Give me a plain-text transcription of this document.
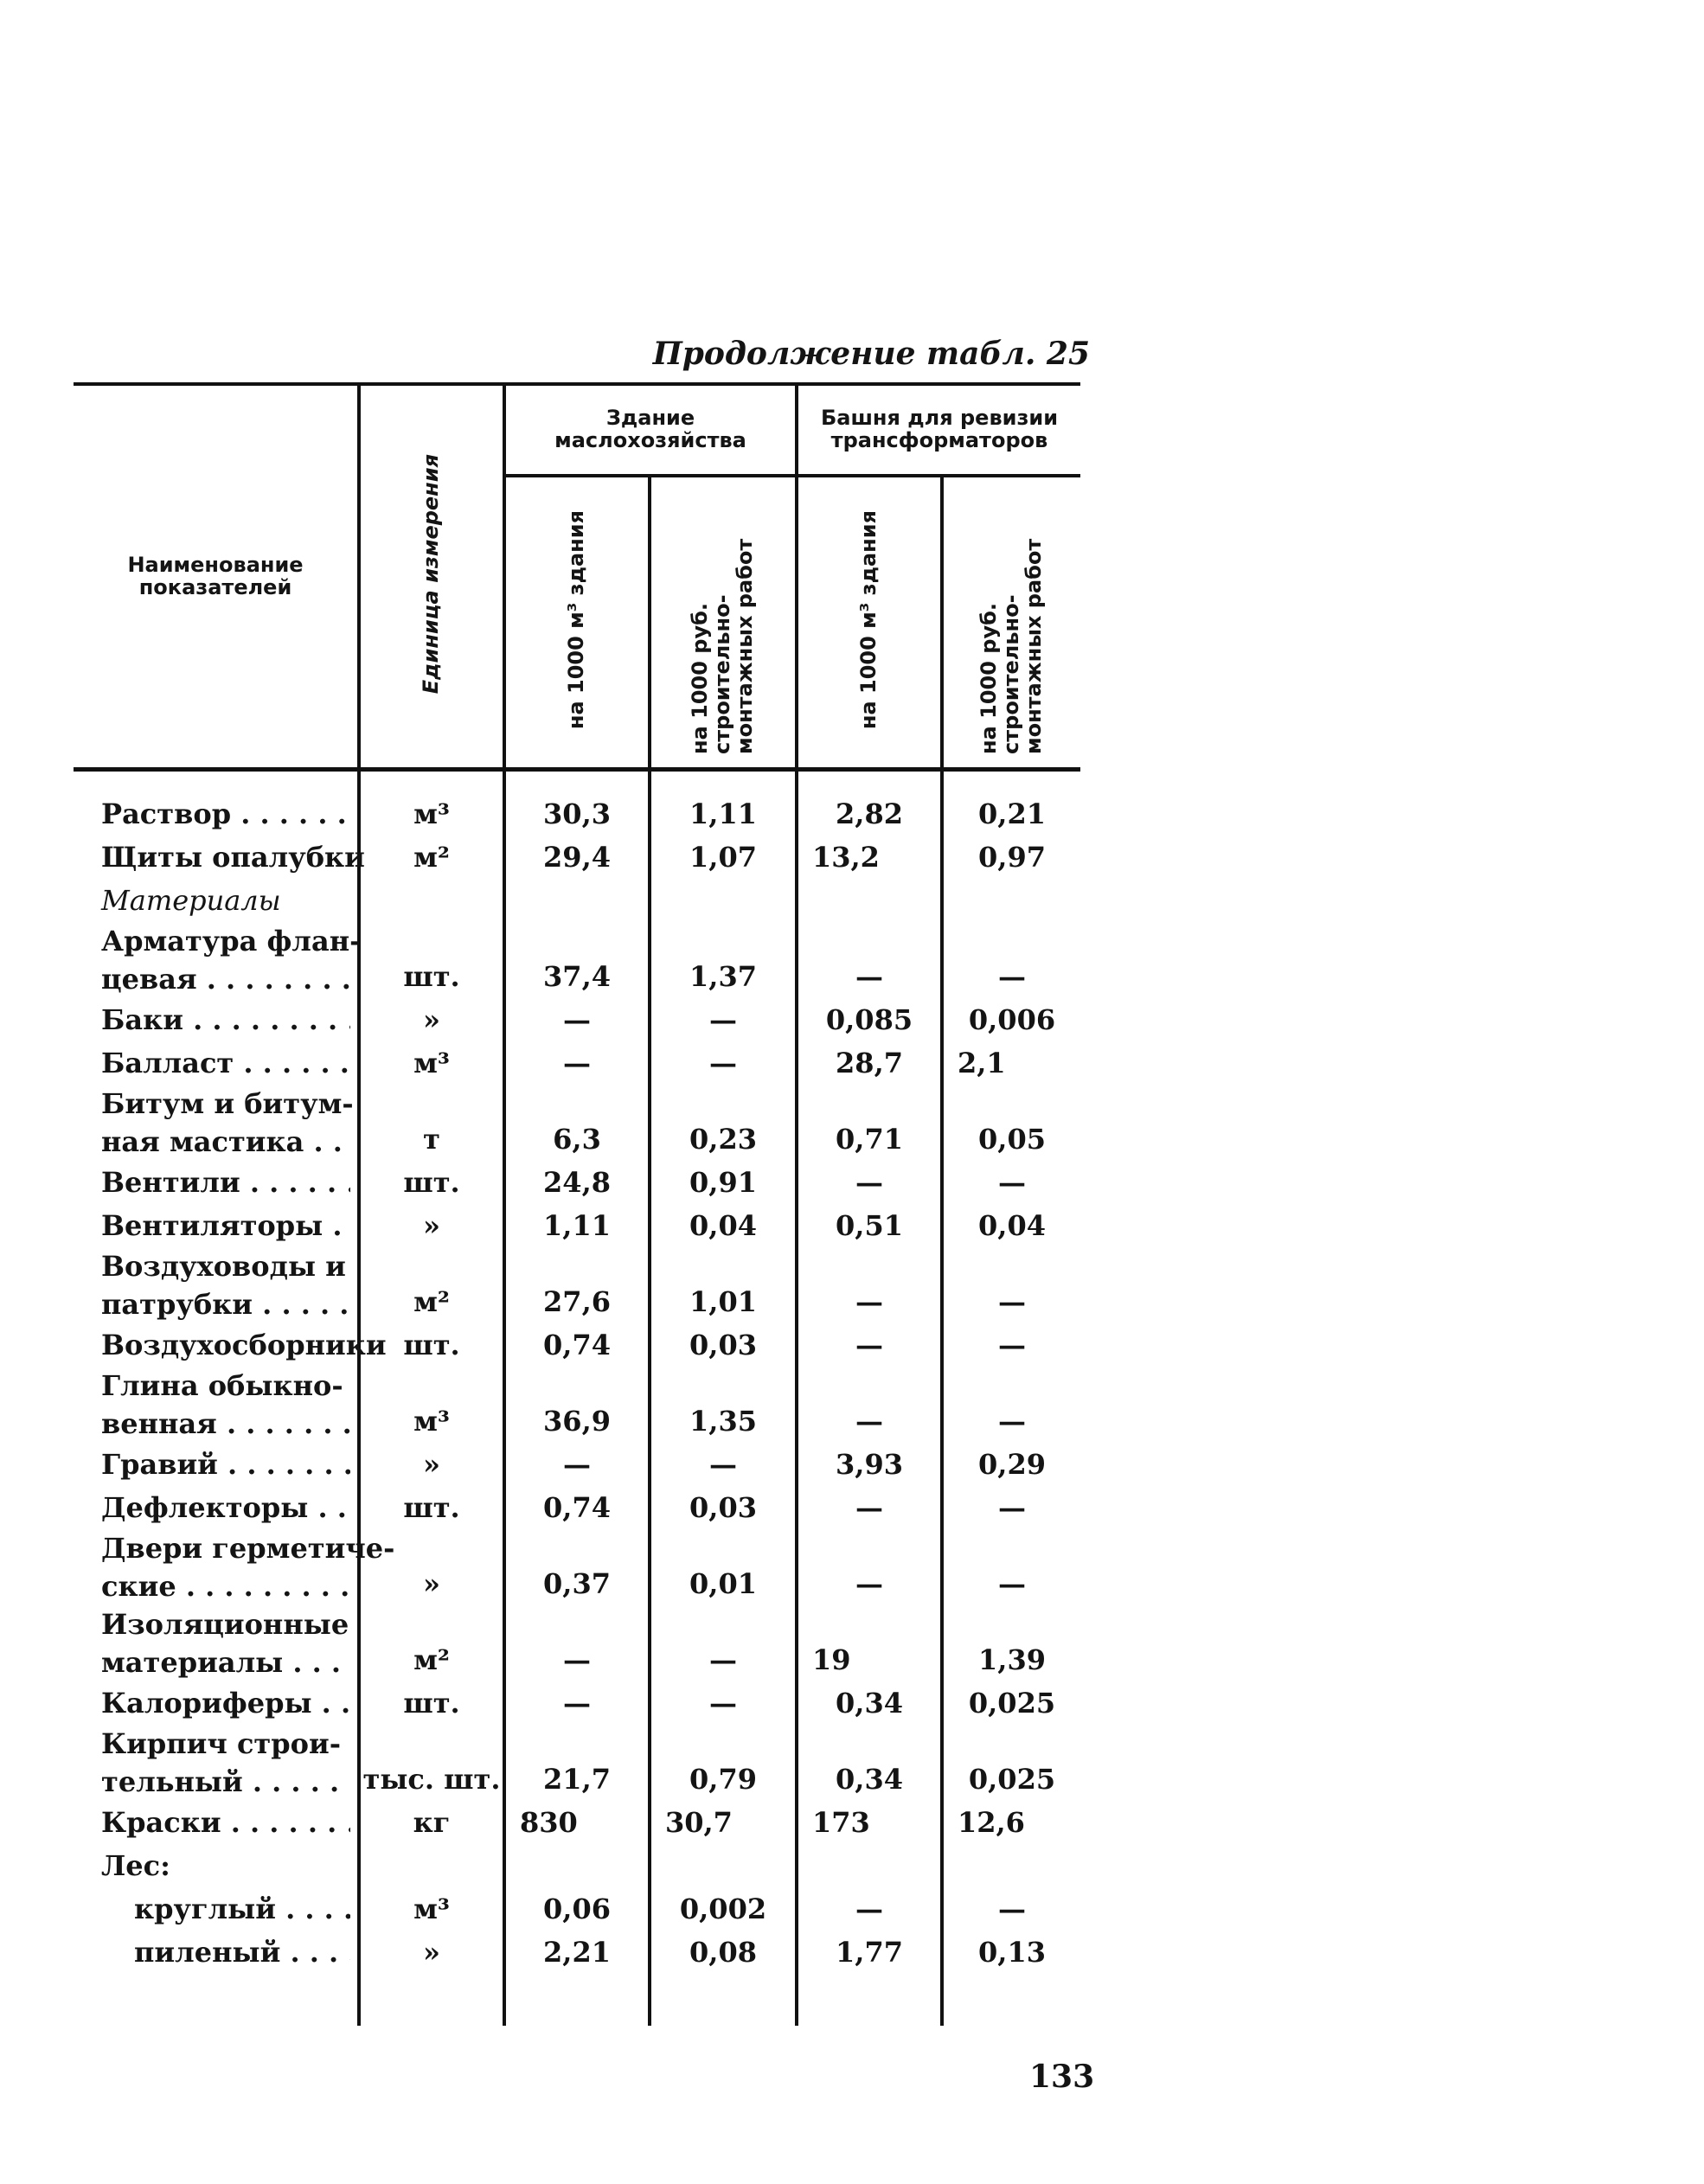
Продолжение табл. 25
Наименование показателей	Единица измерения	Здание маслохозяйства		Башня для ревизии трансформаторов	
		на 1000 м³ здания	на 1000 руб. строительно-монтажных работ	на 1000 м³ здания	на 1000 руб. строительно-монтажных работ

Раствор . .	м³	30,3	1,11	2,82	0,21
Щиты опалубки	м²	29,4	1,07	13,2	0,97
Материалы					

Арматура флан-
цевая . .	шт.	37,4	1,37	—	—

Баки . .	»	—	—	0,085	0,006

Балласт . .	м³	—	—	28,7	2,1

Битум и битум-
ная мастика . .	т	6,3	0,23	0,71	0,05

Вентили . .	шт.	24,8	0,91	—	—

Вентиляторы . .	»	1,11	0,04	0,51	0,04

Воздуховоды и
патрубки . .	м²	27,6	1,01	—	—
Воздухосборники	шт.	0,74	0,03	—	—

Глина обыкно-
венная . .	м³	36,9	1,35	—	—

Гравий . .	»	—	—	3,93	0,29

Дефлекторы . .	шт.	0,74	0,03	—	—

Двери герметиче-
ские . .	»	0,37	0,01	—	—

Изоляционные
материалы . .	м²	—	—	19	1,39

Калориферы . .	шт.	—	—	0,34	0,025

Кирпич строи-
тельный . .	тыс. шт.	21,7	0,79	0,34	0,025

Краски . .	кг	830	30,7	173	12,6
Лес:					

круглый . .	м³	0,06	0,002	—	—

пиленый . .	»	2,21	0,08	1,77	0,13
133
